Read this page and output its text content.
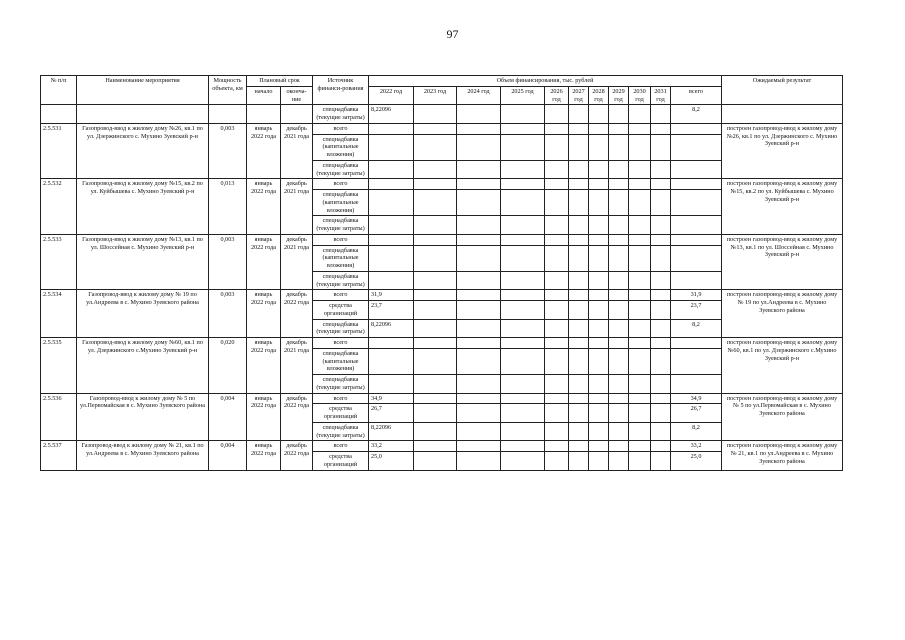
97
№ п/п	Наименование мероприятия	Мощность объекта, км	Плановый срок		Источник финанси-рования	Объем финансирования, тыс. рублей											Ожидаемый результат
			начало	оконча-ние		2022 год	2023 год	2024 год	2025 год	2026 год	2027 год	2028 год	2029 год	2030 год	2031 год	всего	
					спецнадбавка (текущие затраты)	8,22096										8,2	
2.5.531	Газопровод-ввод к жилому дому №26, кв.1 по ул. Дзержинского с. Мухино Зуевский р-н	0,003	январь 2022 года	декабрь 2021 года	всего												построен газопровод-ввод к жилому дому №26, кв.1 по ул. Дзержинского с. Мухино Зуевский р-н
					спецнадбавка (капитальные вложения)												
					спецнадбавка (текущие затраты)												
2.5.532	Газопровод-ввод к жилому дому №15, кв.2 по ул. Куйбышева с. Мухино Зуевский р-н	0,013	январь 2022 года	декабрь 2021 года	всего												построен газопровод-ввод к жилому дому №15, кв.2 по ул. Куйбышева с. Мухино Зуевский р-н
					спецнадбавка (капитальные вложения)												
					спецнадбавка (текущие затраты)												
2.5.533	Газопровод-ввод к жилому дому №13, кв.1 по ул. Шоссейная с. Мухино Зуевский р-н	0,003	январь 2022 года	декабрь 2021 года	всего												построен газопровод-ввод к жилому дому №13, кв.1 по ул. Шоссейная с. Мухино Зуевский р-н
					спецнадбавка (капитальные вложения)												
					спецнадбавка (текущие затраты)												
2.5.534	Газопровод-ввод к жилому дому № 19 по ул.Андреева в с. Мухино Зуевского района	0,003	январь 2022 года	декабрь 2022 года	всего	31,9										31,9	построен газопровод-ввод к жилому дому № 19 по ул.Андреева в с. Мухино Зуевского района
					средства организаций	23,7										23,7	
					спецнадбавка (текущие затраты)	8,22096										8,2	
2.5.535	Газопровод-ввод к жилому дому №60, кв.1 по ул. Дзержинского с.Мухино Зуевский р-н	0,020	январь 2022 года	декабрь 2021 года	всего												построен газопровод-ввод к жилому дому №60, кв.1 по ул. Дзержинского с.Мухино Зуевский р-н
					спецнадбавка (капитальные вложения)												
					спецнадбавка (текущие затраты)												
2.5.536	Газопровод-ввод к жилому дому № 5 по ул.Первомайская в с. Мухино Зуевского района	0,004	январь 2022 года	декабрь 2022 года	всего	34,9										34,9	построен газопровод-ввод к жилому дому № 5 по ул.Первомайская в с. Мухино Зуевского района
					средства организаций	26,7										26,7	
					спецнадбавка (текущие затраты)	8,22096										8,2	
2.5.537	Газопровод-ввод к жилому дому № 21, кв.1 по ул.Андреева в с. Мухино Зуевского района	0,004	январь 2022 года	декабрь 2022 года	всего	33,2										33,2	построен газопровод-ввод к жилому дому № 21, кв.1 по ул.Андреева в с. Мухино Зуевского района
					средства организаций	25,0										25,0	
